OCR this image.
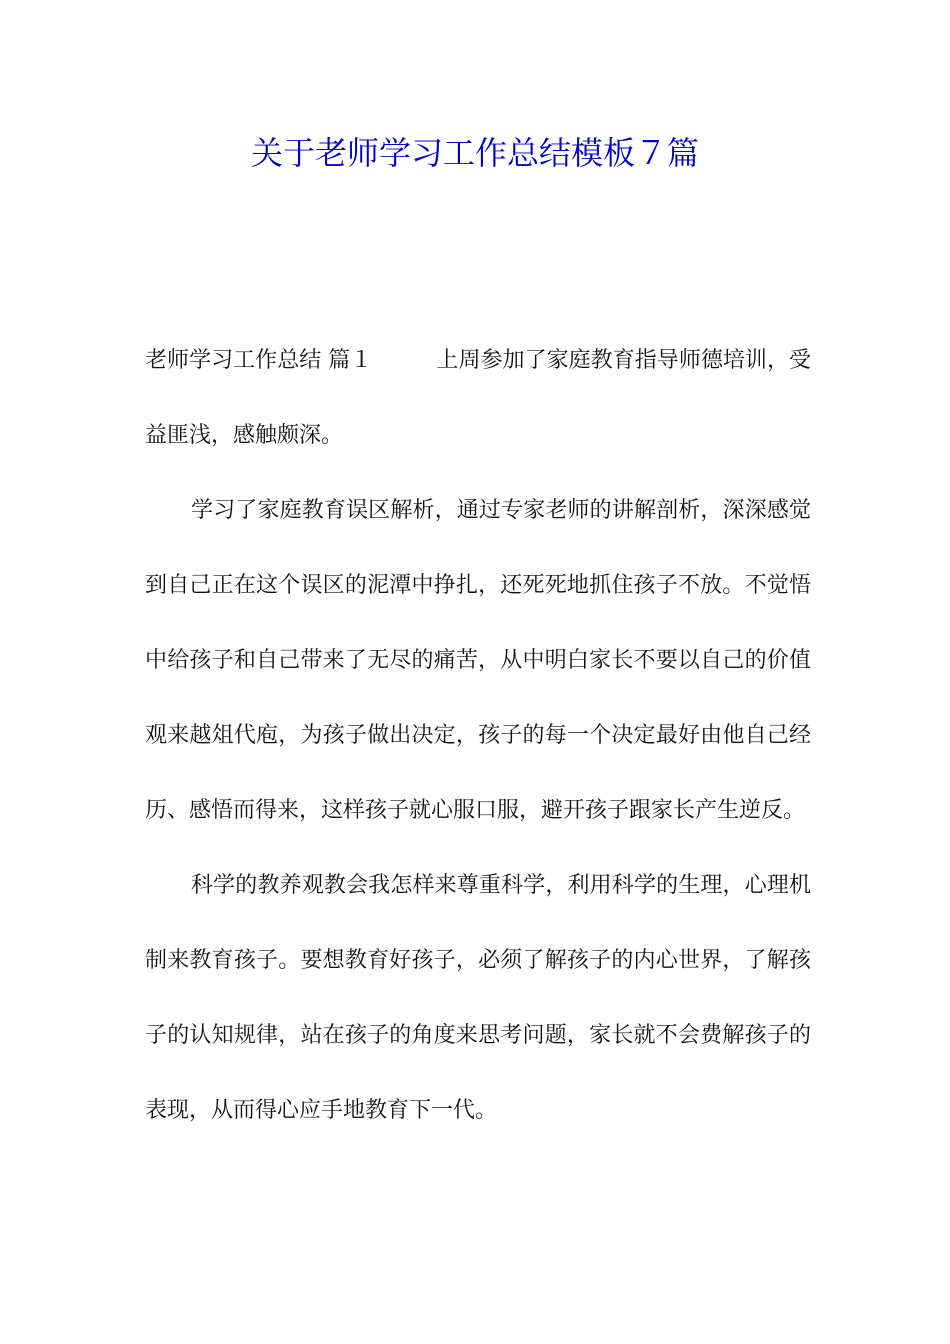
关于老师学习工作总结模板７篇

老师学习工作总结 篇１	上周参加了家庭教育指导师德培训，受益匪浅，感触颇深。

学习了家庭教育误区解析，通过专家老师的讲解剖析，深深感觉到自己正在这个误区的泥潭中挣扎，还死死地抓住孩子不放。不觉悟中给孩子和自己带来了无尽的痛苦，从中明白家长不要以自己的价值观来越俎代庖，为孩子做出决定，孩子的每一个决定最好由他自己经历、感悟而得来，这样孩子就心服口服，避开孩子跟家长产生逆反。

科学的教养观教会我怎样来尊重科学，利用科学的生理，心理机制来教育孩子。要想教育好孩子，必须了解孩子的内心世界，了解孩子的认知规律，站在孩子的角度来思考问题，家长就不会费解孩子的表现，从而得心应手地教育下一代。
